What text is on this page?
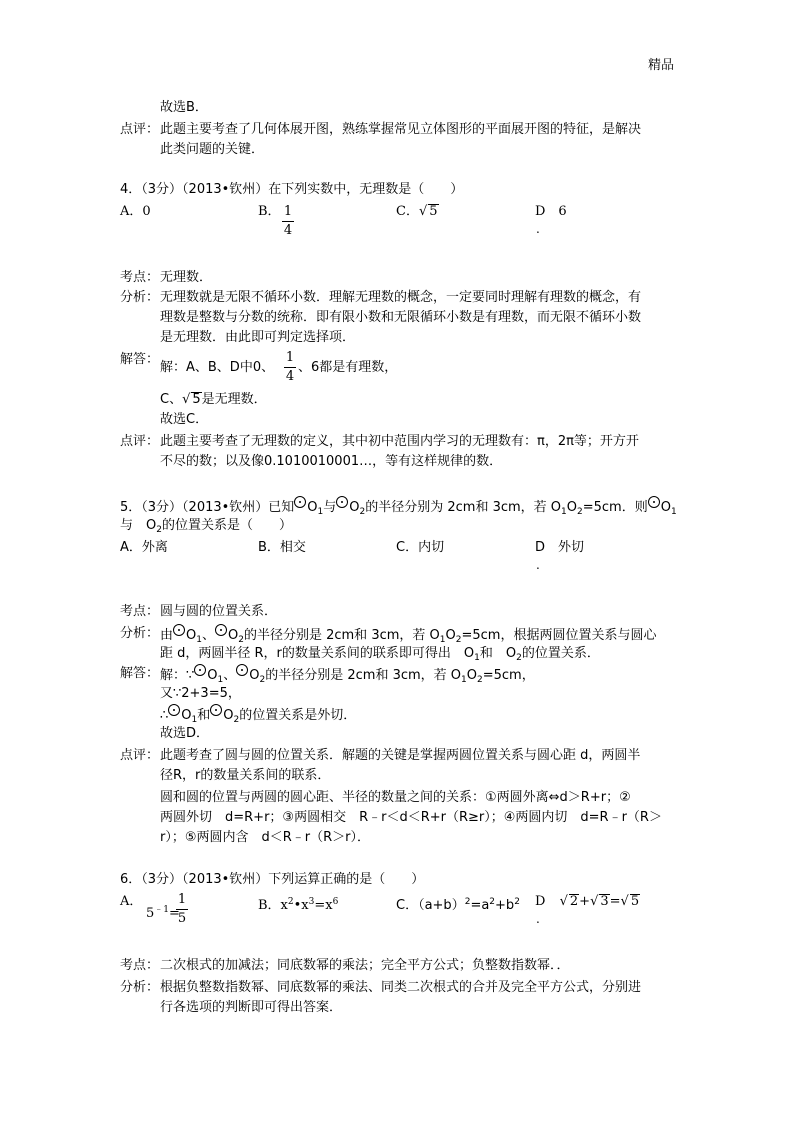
精品
故选B．
点评： 此题主要考查了几何体展开图，熟练掌握常见立体图形的平面展开图的特征，是解决
此类问题的关键．
4．（3分）（2013•钦州）在下列实数中，无理数是（　　）
A．0	B． 1
4
C．√ 5	D　6
.
考点： 无理数．
分析： 无理数就是无限不循环小数．理解无理数的概念，一定要同时理解有理数的概念，有
理数是整数与分数的统称．即有限小数和无限循环小数是有理数，而无限不循环小数
是无理数．由此即可判定选择项．
解答：
解：A、B、D中0、
1
4
、6都是有理数，
C、√ 5是无理数．
故选C．
点评： 此题主要考查了无理数的定义，其中初中范围内学习的无理数有：π，2π等；开方开
不尽的数；以及像0.1010010001…，等有这样规律的数．
5．（3分）（2013•钦州）已知 $O_1$与 $O_2$的半径分别为 2cm和 3cm，若 $O_1O_2=5cm$．则 $O_1$
与　$O_2$的位置关系是（　　）
A．外离	B．相交	C．内切	D　外切
.
考点： 圆与圆的位置关系．
分析： 由 $O_1$、 $O_2$的半径分别是 2cm和 3cm，若 $O_1O_2=5cm$，根据两圆位置关系与圆心
距 d，两圆半径 R，r的数量关系间的联系即可得出　$O_1$和　$O_2$的位置关系．
解答： 解：∵ $O_1$、 $O_2$的半径分别是 2cm和 3cm，若 $O_1O_2=5cm$，
又∵2+3=5，
∴ $O_1$和 $O_2$的位置关系是外切．
故选D．
点评： 此题考查了圆与圆的位置关系．解题的关键是掌握两圆位置关系与圆心距 d，两圆半
径R，r的数量关系间的联系．
圆和圆的位置与两圆的圆心距、半径的数量之间的关系：①两圆外离⇔d＞R+r；②
两圆外切　d=R+r；③两圆相交　R﹣r＜d＜R+r（R≥r）；④两圆内切　d=R﹣r（R＞
r）；⑤两圆内含　d＜R﹣r（R＞r）．
6．（3分）（2013•钦州）下列运算正确的是（　　）
A．
$5^{﹣1}=$
1
5
B．$x^2•x^3=x^6$	C．$(a+b)^2=a^2+b^2$ D √ 2+√ 3=√ 5
.
考点： 二次根式的加减法；同底数幂的乘法；完全平方公式；负整数指数幂．．
分析： 根据负整数指数幂、同底数幂的乘法、同类二次根式的合并及完全平方公式，分别进
行各选项的判断即可得出答案．
